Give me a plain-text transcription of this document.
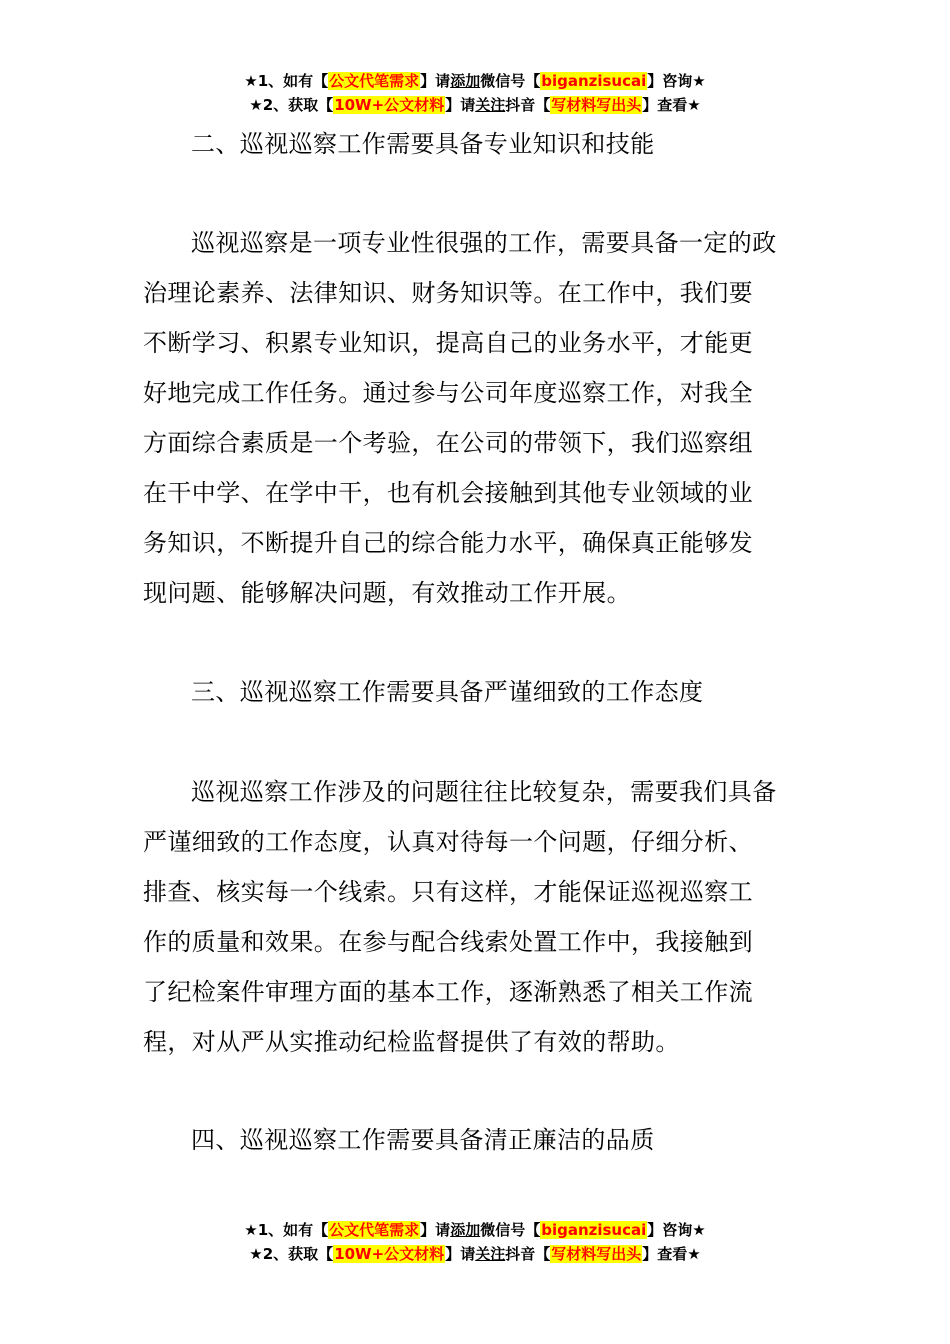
★1、如有【公文代笔需求】请添加微信号【biganzisucai】咨询★
★2、获取【10W+公文材料】请关注抖音【写材料写出头】查看★
二、巡视巡察工作需要具备专业知识和技能
巡视巡察是一项专业性很强的工作，需要具备一定的政
治理论素养、法律知识、财务知识等。在工作中，我们要
不断学习、积累专业知识，提高自己的业务水平，才能更
好地完成工作任务。通过参与公司年度巡察工作，对我全
方面综合素质是一个考验，在公司的带领下，我们巡察组
在干中学、在学中干，也有机会接触到其他专业领域的业
务知识，不断提升自己的综合能力水平，确保真正能够发
现问题、能够解决问题，有效推动工作开展。
三、巡视巡察工作需要具备严谨细致的工作态度
巡视巡察工作涉及的问题往往比较复杂，需要我们具备
严谨细致的工作态度，认真对待每一个问题，仔细分析、
排查、核实每一个线索。只有这样，才能保证巡视巡察工
作的质量和效果。在参与配合线索处置工作中，我接触到
了纪检案件审理方面的基本工作，逐渐熟悉了相关工作流
程，对从严从实推动纪检监督提供了有效的帮助。
四、巡视巡察工作需要具备清正廉洁的品质
★1、如有【公文代笔需求】请添加微信号【biganzisucai】咨询★
★2、获取【10W+公文材料】请关注抖音【写材料写出头】查看★
